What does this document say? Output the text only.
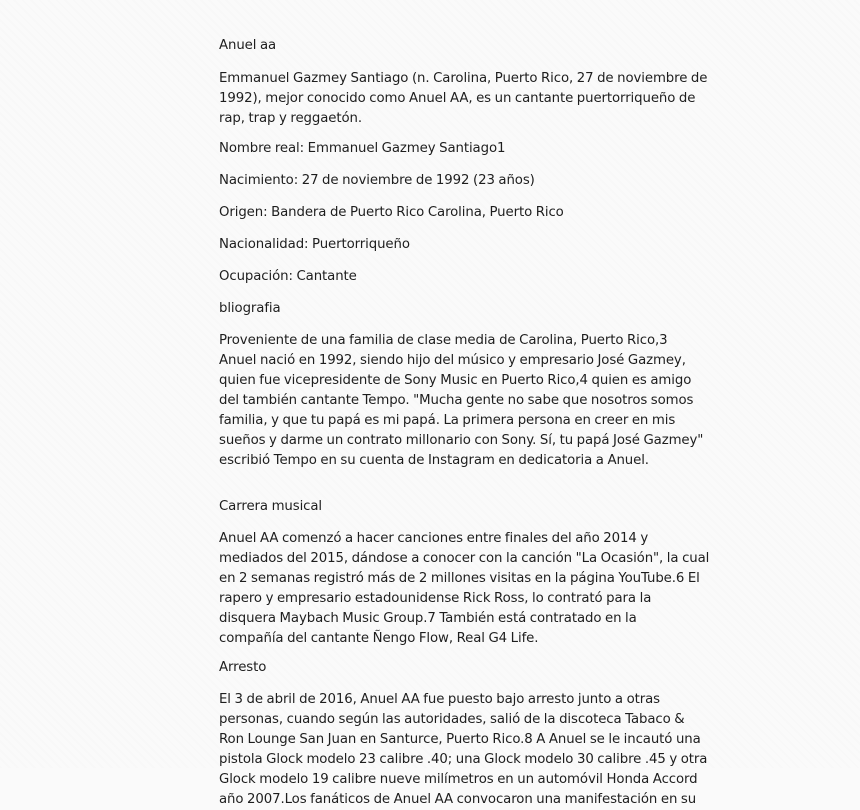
Anuel aa

Emmanuel Gazmey Santiago (n. Carolina, Puerto Rico, 27 de noviembre de

1992), mejor conocido como Anuel AA, es un cantante puertorriqueño de

rap, trap y reggaetón.

Nombre real: Emmanuel Gazmey Santiago1

Nacimiento: 27 de noviembre de 1992 (23 años)

Origen: Bandera de Puerto Rico Carolina, Puerto Rico

Nacionalidad: Puertorriqueño

Ocupación: Cantante

bliografia

Proveniente de una familia de clase media de Carolina, Puerto Rico,3

Anuel nació en 1992, siendo hijo del músico y empresario José Gazmey,

quien fue vicepresidente de Sony Music en Puerto Rico,4 quien es amigo

del también cantante Tempo. "Mucha gente no sabe que nosotros somos

familia, y que tu papá es mi papá. La primera persona en creer en mis

sueños y darme un contrato millonario con Sony. Sí, tu papá José Gazmey"

escribió Tempo en su cuenta de Instagram en dedicatoria a Anuel.

Carrera musical

Anuel AA comenzó a hacer canciones entre finales del año 2014 y

mediados del 2015, dándose a conocer con la canción "La Ocasión", la cual

en 2 semanas registró más de 2 millones visitas en la página YouTube.6 El

rapero y empresario estadounidense Rick Ross, lo contrató para la

disquera Maybach Music Group.7 También está contratado en la

compañía del cantante Ñengo Flow, Real G4 Life.

Arresto

El 3 de abril de 2016, Anuel AA fue puesto bajo arresto junto a otras

personas, cuando según las autoridades, salió de la discoteca Tabaco &

Ron Lounge San Juan en Santurce, Puerto Rico.8 A Anuel se le incautó una

pistola Glock modelo 23 calibre .40; una Glock modelo 30 calibre .45 y otra

Glock modelo 19 calibre nueve milímetros en un automóvil Honda Accord

año 2007.Los fanáticos de Anuel AA convocaron una manifestación en su
